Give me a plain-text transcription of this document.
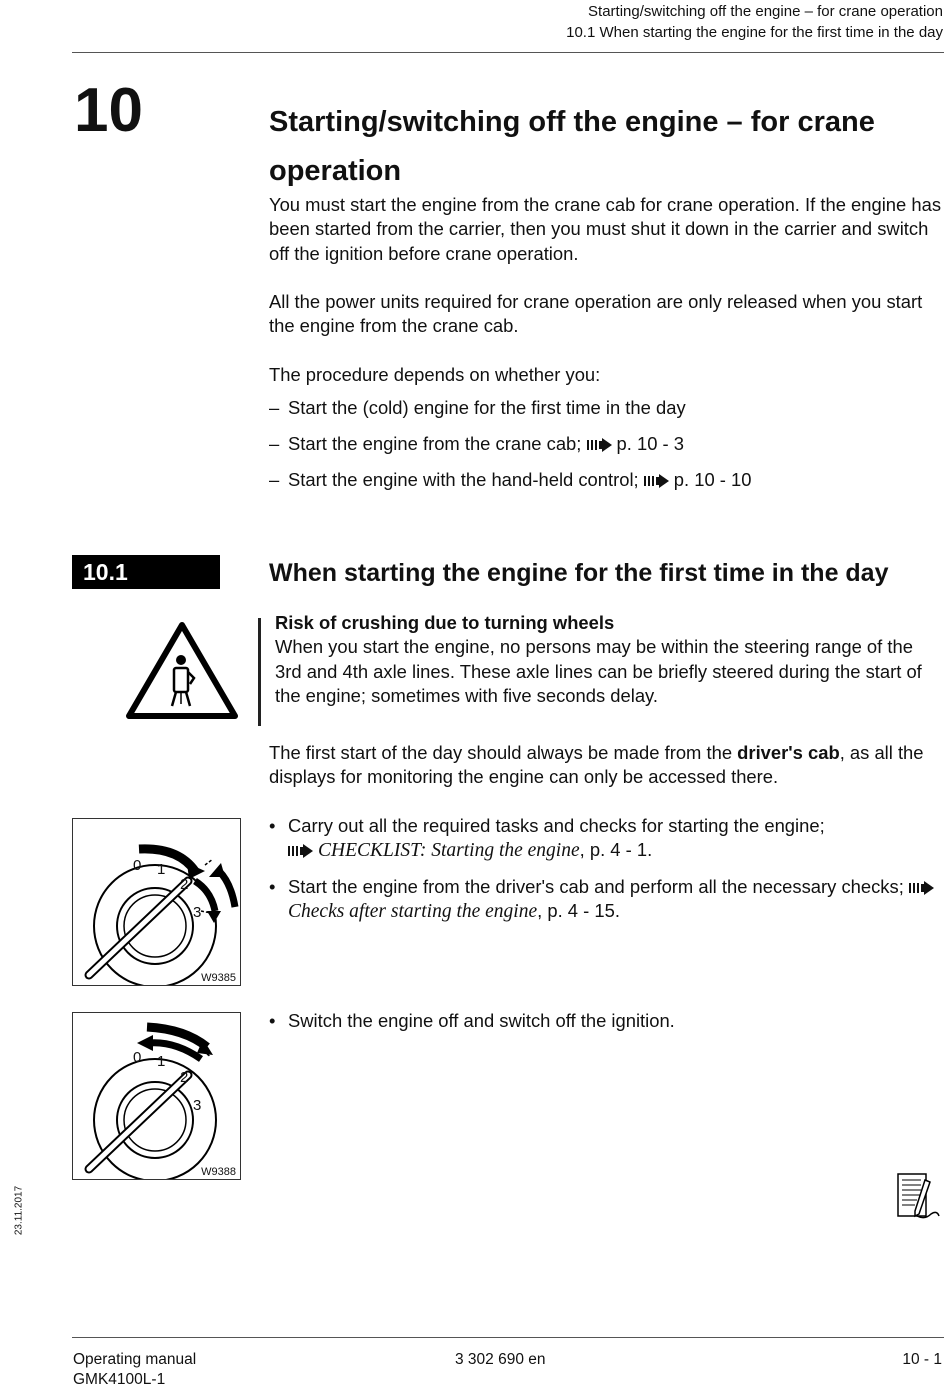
Starting/switching off the engine – for crane operation
10.1 When starting the engine for the first time in the day
10	Starting/switching off the engine – for crane operation

You must start the engine from the crane cab for crane operation. If the engine has been started from the carrier, then you must shut it down in the carrier and switch off the ignition before crane operation.

All the power units required for crane operation are only released when you start the engine from the crane cab.

The procedure depends on whether you:

– Start the (cold) engine for the first time in the day
– Start the engine from the crane cab; p. 10 - 3
– Start the engine with the hand-held control; p. 10 - 10
10.1	When starting the engine for the first time in the day
Risk of crushing due to turning wheels
When you start the engine, no persons may be within the steering range of the 3rd and 4th axle lines. These axle lines can be briefly steered during the start of the engine; sometimes with five seconds delay.

The first start of the day should always be made from the driver's cab, as all the displays for monitoring the engine can only be accessed there.

• Carry out all the required tasks and checks for starting the engine;
CHECKLIST: Starting the engine, p. 4 - 1.
• Start the engine from the driver's cab and perform all the necessary checks; Checks after starting the engine, p. 4 - 15.
• Switch the engine off and switch off the ignition.
0 1
2
3
W9385
0 1
2
3
W9388
23.11.2017
Operating manual
GMK4100L-1
3 302 690 en	10 - 1
